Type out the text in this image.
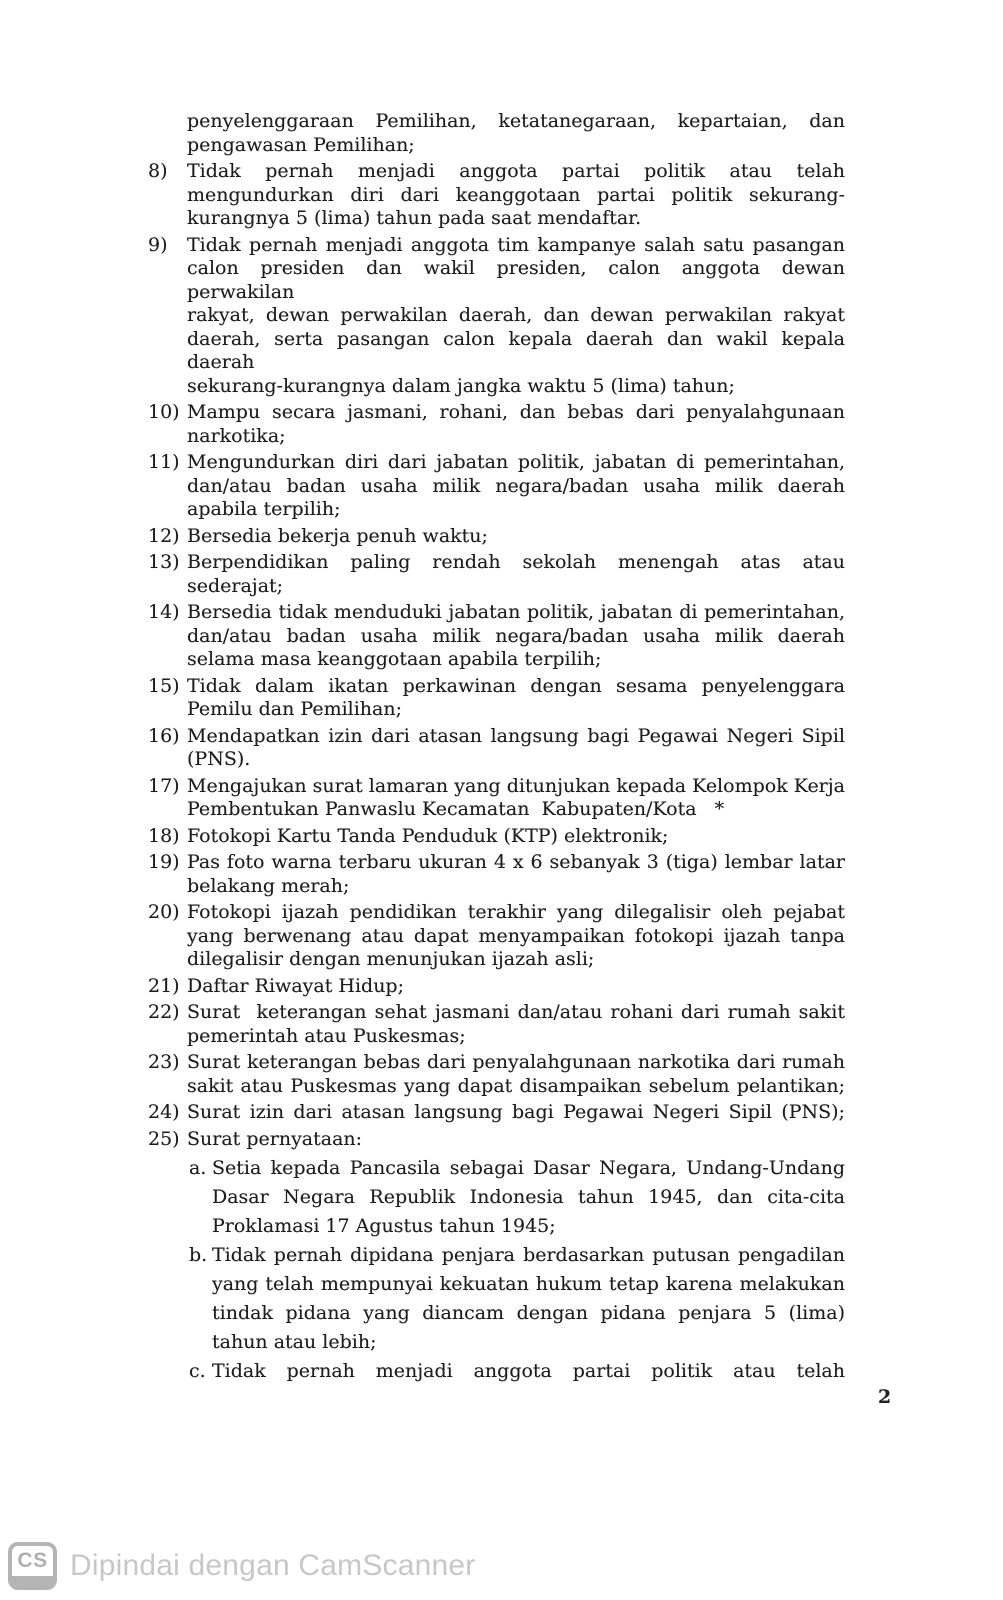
penyelenggaraan Pemilihan, ketatanegaraan, kepartaian, dan
pengawasan Pemilihan;
8)	Tidak pernah menjadi anggota partai politik atau telah
mengundurkan diri dari keanggotaan partai politik sekurang-
kurangnya 5 (lima) tahun pada saat mendaftar.
9)	Tidak pernah menjadi anggota tim kampanye salah satu pasangan
calon presiden dan wakil presiden, calon anggota dewan perwakilan
rakyat, dewan perwakilan daerah, dan dewan perwakilan rakyat
daerah, serta pasangan calon kepala daerah dan wakil kepala daerah
sekurang-kurangnya dalam jangka waktu 5 (lima) tahun;
10) Mampu secara jasmani, rohani, dan bebas dari penyalahgunaan
narkotika;
11) Mengundurkan diri dari jabatan politik, jabatan di pemerintahan,
dan/atau badan usaha milik negara/badan usaha milik daerah
apabila terpilih;
12) Bersedia bekerja penuh waktu;
13) Berpendidikan paling rendah sekolah menengah atas atau sederajat;
14) Bersedia tidak menduduki jabatan politik, jabatan di pemerintahan,
dan/atau badan usaha milik negara/badan usaha milik daerah
selama masa keanggotaan apabila terpilih;
15) Tidak dalam ikatan perkawinan dengan sesama penyelenggara
Pemilu dan Pemilihan;
16) Mendapatkan izin dari atasan langsung bagi Pegawai Negeri Sipil
(PNS).
17) Mengajukan surat lamaran yang ditunjukan kepada Kelompok Kerja
Pembentukan Panwaslu Kecamatan  Kabupaten/Kota   *
18) Fotokopi Kartu Tanda Penduduk (KTP) elektronik;
19) Pas foto warna terbaru ukuran 4 x 6 sebanyak 3 (tiga) lembar latar
belakang merah;
20) Fotokopi ijazah pendidikan terakhir yang dilegalisir oleh pejabat
yang berwenang atau dapat menyampaikan fotokopi ijazah tanpa
dilegalisir dengan menunjukan ijazah asli;
21) Daftar Riwayat Hidup;
22) Surat  keterangan sehat jasmani dan/atau rohani dari rumah sakit
pemerintah atau Puskesmas;
23) Surat keterangan bebas dari penyalahgunaan narkotika dari rumah
sakit atau Puskesmas yang dapat disampaikan sebelum pelantikan;
24) Surat izin dari atasan langsung bagi Pegawai Negeri Sipil (PNS);
25) Surat pernyataan:
a. Setia kepada Pancasila sebagai Dasar Negara, Undang-Undang
Dasar Negara Republik Indonesia tahun 1945, dan cita-cita
Proklamasi 17 Agustus tahun 1945;
b. Tidak pernah dipidana penjara berdasarkan putusan pengadilan
yang telah mempunyai kekuatan hukum tetap karena melakukan
tindak pidana yang diancam dengan pidana penjara 5 (lima)
tahun atau lebih;
c. Tidak pernah menjadi anggota partai politik atau telah
2
CS Dipindai dengan CamScanner
